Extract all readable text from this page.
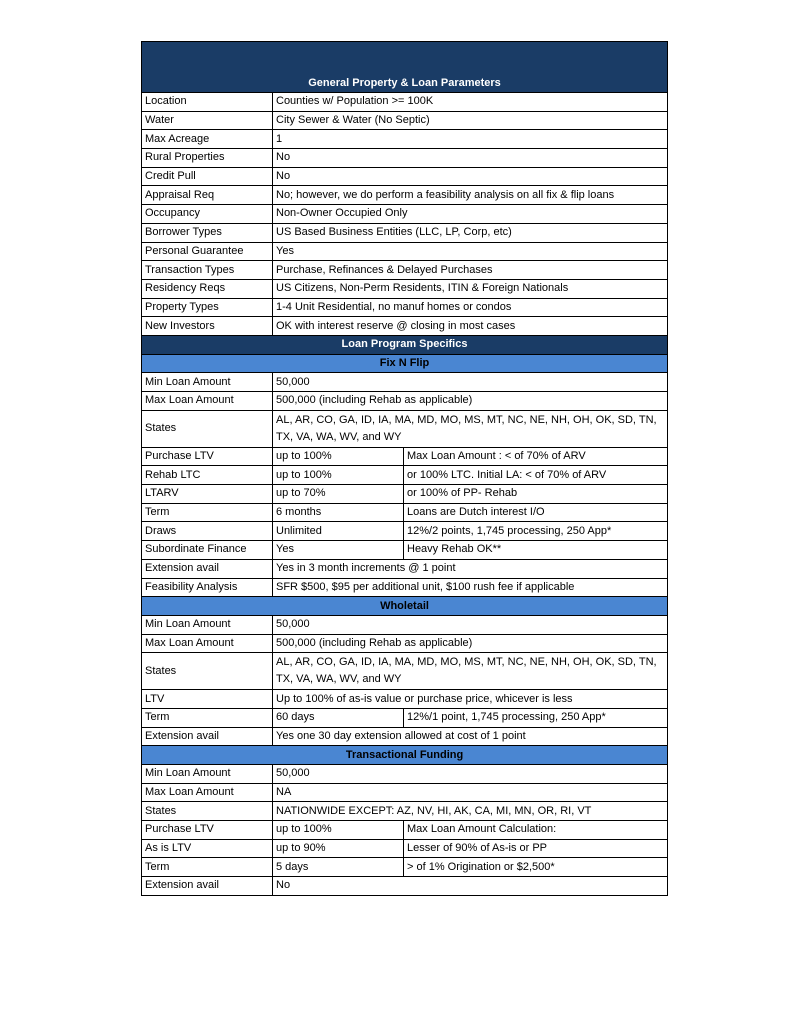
General Property & Loan Parameters		
Location	Counties w/ Population >= 100K	
Water	City Sewer & Water (No Septic)	
Max Acreage	1	
Rural Properties	No	
Credit Pull	No	
Appraisal Req	No; however, we do perform a feasibility analysis on all fix & flip loans	
Occupancy	Non-Owner Occupied Only	
Borrower Types	US Based Business Entities (LLC, LP, Corp, etc)	
Personal Guarantee	Yes	
Transaction Types	Purchase, Refinances & Delayed Purchases	
Residency Reqs	US Citizens, Non-Perm Residents, ITIN & Foreign Nationals	
Property Types	1-4 Unit Residential, no manuf homes or condos	
New Investors	OK with interest reserve @ closing in most cases	
Loan Program Specifics		
Fix N Flip		
Min Loan Amount	50,000	
Max Loan Amount	500,000 (including Rehab as applicable)	
States	AL, AR, CO, GA, ID, IA, MA, MD, MO, MS, MT, NC, NE, NH, OH, OK, SD, TN, TX, VA, WA, WV, and WY	
Purchase LTV	up to 100%	Max Loan Amount : < of 70% of ARV
Rehab LTC	up to 100%	or 100% LTC. Initial LA: < of 70% of ARV
LTARV	up to 70%	or 100% of PP- Rehab
Term	6 months	Loans are Dutch interest I/O
Draws	Unlimited	12%/2 points, 1,745 processing, 250 App*
Subordinate Finance	Yes	Heavy Rehab OK**
Extension avail	Yes in 3 month increments @ 1 point	
Feasibility Analysis	SFR $500, $95 per additional unit, $100 rush fee if applicable	
Wholetail		
Min Loan Amount	50,000	
Max Loan Amount	500,000 (including Rehab as applicable)	
States	AL, AR, CO, GA, ID, IA, MA, MD, MO, MS, MT, NC, NE, NH, OH, OK, SD, TN, TX, VA, WA, WV, and WY	
LTV	Up to 100% of as-is value or purchase price, whicever is less	
Term	60 days	12%/1 point, 1,745 processing, 250 App*
Extension avail	Yes one 30 day extension allowed at cost of 1 point	
Transactional Funding		
Min Loan Amount	50,000	
Max Loan Amount	NA	
States	NATIONWIDE EXCEPT: AZ, NV, HI, AK, CA, MI, MN, OR, RI, VT	
Purchase LTV	up to 100%	Max Loan Amount Calculation:
As is LTV	up to 90%	Lesser of 90% of As-is or PP
Term	5 days	> of 1% Origination or $2,500*
Extension avail	No	
